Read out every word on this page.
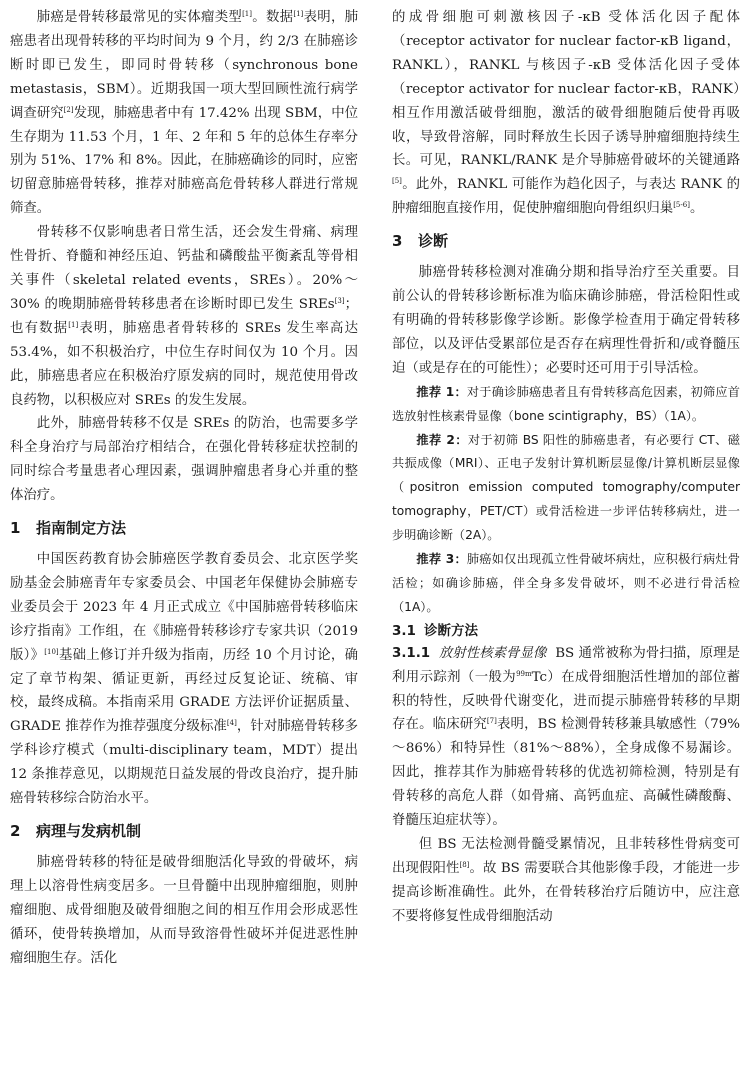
肺癌是骨转移最常见的实体瘤类型[1]。数据[1]表明，肺癌患者出现骨转移的平均时间为 9 个月，约 2/3 在肺癌诊断时即已发生，即同时骨转移（synchronous bone metastasis，SBM）。近期我国一项大型回顾性流行病学调查研究[2]发现，肺癌患者中有 17.42% 出现 SBM，中位生存期为 11.53 个月，1 年、2 年和 5 年的总体生存率分别为 51%、17% 和 8%。因此，在肺癌确诊的同时，应密切留意肺癌骨转移，推荐对肺癌高危骨转移人群进行常规筛查。

骨转移不仅影响患者日常生活，还会发生骨痛、病理性骨折、脊髓和神经压迫、钙盐和磷酸盐平衡紊乱等骨相关事件（skeletal related events，SREs）。20%～30% 的晚期肺癌骨转移患者在诊断时即已发生 SREs[3]；也有数据[1]表明，肺癌患者骨转移的 SREs 发生率高达 53.4%，如不积极治疗，中位生存时间仅为 10 个月。因此，肺癌患者应在积极治疗原发病的同时，规范使用骨改良药物，以积极应对 SREs 的发生发展。

此外，肺癌骨转移不仅是 SREs 的防治，也需要多学科全身治疗与局部治疗相结合，在强化骨转移症状控制的同时综合考量患者心理因素，强调肿瘤患者身心并重的整体治疗。

1 指南制定方法

中国医药教育协会肺癌医学教育委员会、北京医学奖励基金会肺癌青年专家委员会、中国老年保健协会肺癌专业委员会于 2023 年 4 月正式成立《中国肺癌骨转移临床诊疗指南》工作组，在《肺癌骨转移诊疗专家共识（2019 版）》[10]基础上修订并升级为指南，历经 10 个月讨论，确定了章节构架、循证更新，再经过反复论证、统稿、审校，最终成稿。本指南采用 GRADE 方法评价证据质量、GRADE 推荐作为推荐强度分级标准[4]，针对肺癌骨转移多学科诊疗模式（multi-disciplinary team，MDT）提出 12 条推荐意见，以期规范日益发展的骨改良治疗，提升肺癌骨转移综合防治水平。

2 病理与发病机制

肺癌骨转移的特征是破骨细胞活化导致的骨破坏，病理上以溶骨性病变居多。一旦骨髓中出现肿瘤细胞，则肿瘤细胞、成骨细胞及破骨细胞之间的相互作用会形成恶性循环，使骨转换增加，从而导致溶骨性破坏并促进恶性肿瘤细胞生存。活化

的成骨细胞可刺激核因子-κB 受体活化因子配体（receptor activator for nuclear factor-κB ligand，RANKL），RANKL 与核因子-κB 受体活化因子受体（receptor activator for nuclear factor-κB，RANK）相互作用激活破骨细胞，激活的破骨细胞随后使骨再吸收，导致骨溶解，同时释放生长因子诱导肿瘤细胞持续生长。可见，RANKL/RANK 是介导肺癌骨破坏的关键通路[5]。此外，RANKL 可能作为趋化因子，与表达 RANK 的肿瘤细胞直接作用，促使肿瘤细胞向骨组织归巢[5-6]。

3 诊断

肺癌骨转移检测对准确分期和指导治疗至关重要。目前公认的骨转移诊断标准为临床确诊肺癌，骨活检阳性或有明确的骨转移影像学诊断。影像学检查用于确定骨转移部位，以及评估受累部位是否存在病理性骨折和/或脊髓压迫（或是存在的可能性）；必要时还可用于引导活检。

推荐 1：对于确诊肺癌患者且有骨转移高危因素，初筛应首选放射性核素骨显像（bone scintigraphy，BS）（1A）。
推荐 2：对于初筛 BS 阳性的肺癌患者，有必要行 CT、磁共振成像（MRI）、正电子发射计算机断层显像/计算机断层显像（positron emission computed tomography/computer tomography，PET/CT）或骨活检进一步评估转移病灶，进一步明确诊断（2A）。
推荐 3：肺癌如仅出现孤立性骨破坏病灶，应积极行病灶骨活检；如确诊肺癌，伴全身多发骨破坏，则不必进行骨活检（1A）。
3.1 诊断方法

3.1.1 放射性核素骨显像 BS 通常被称为骨扫描，原理是利用示踪剂（一般为$^{99m}$Tc）在成骨细胞活性增加的部位蓄积的特性，反映骨代谢变化，进而提示肺癌骨转移的早期存在。临床研究[7]表明，BS 检测骨转移兼具敏感性（79%～86%）和特异性（81%～88%），全身成像不易漏诊。因此，推荐其作为肺癌骨转移的优选初筛检测，特别是有骨转移的高危人群（如骨痛、高钙血症、高碱性磷酸酶、脊髓压迫症状等）。

但 BS 无法检测骨髓受累情况，且非转移性骨病变可出现假阳性[8]。故 BS 需要联合其他影像手段，才能进一步提高诊断准确性。此外，在骨转移治疗后随访中，应注意不要将修复性成骨细胞活动
